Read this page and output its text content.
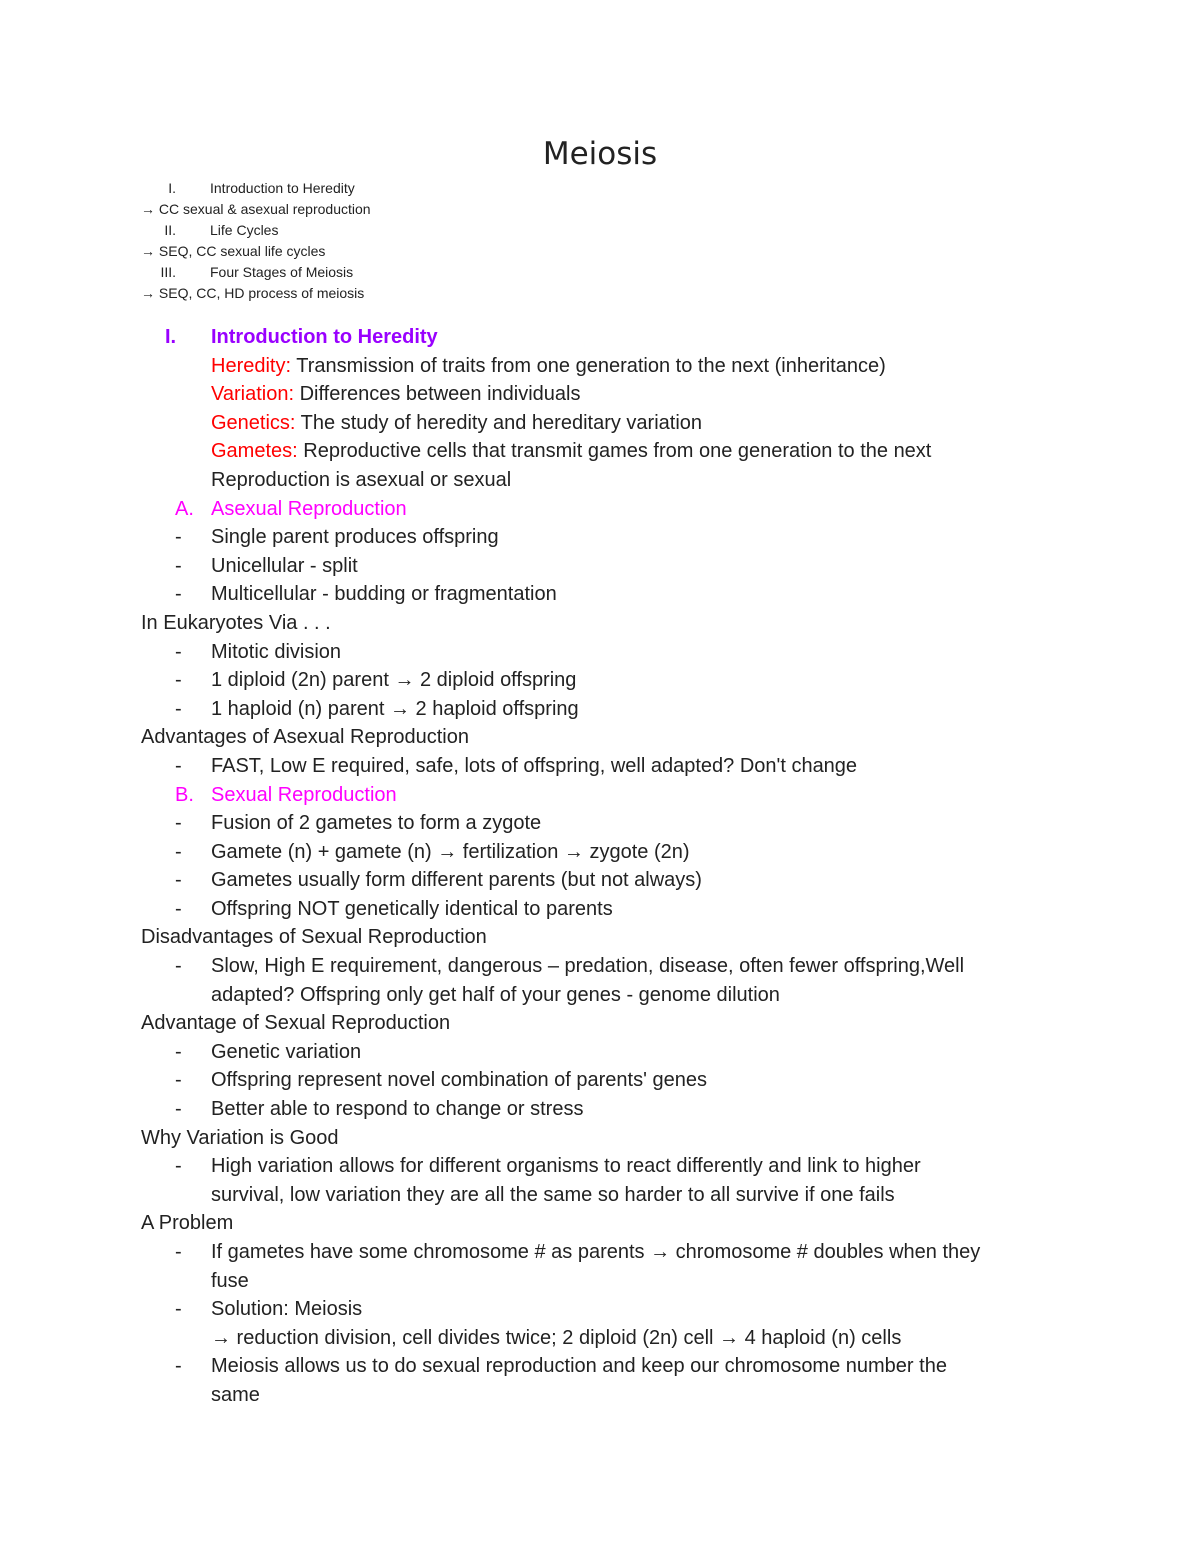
Meiosis
I. Introduction to Heredity
→ CC sexual & asexual reproduction
II. Life Cycles
→ SEQ, CC sexual life cycles
III. Four Stages of Meiosis
→ SEQ, CC, HD process of meiosis
I. Introduction to Heredity
Heredity: Transmission of traits from one generation to the next (inheritance)
Variation: Differences between individuals
Genetics: The study of heredity and hereditary variation
Gametes: Reproductive cells that transmit games from one generation to the next
Reproduction is asexual or sexual
A. Asexual Reproduction
- Single parent produces offspring
- Unicellular - split
- Multicellular - budding or fragmentation
In Eukaryotes Via . . .
- Mitotic division
- 1 diploid (2n) parent → 2 diploid offspring
- 1 haploid (n) parent → 2 haploid offspring
Advantages of Asexual Reproduction
- FAST, Low E required, safe, lots of offspring, well adapted? Don't change
B. Sexual Reproduction
- Fusion of 2 gametes to form a zygote
- Gamete (n) + gamete (n) → fertilization → zygote (2n)
- Gametes usually form different parents (but not always)
- Offspring NOT genetically identical to parents
Disadvantages of Sexual Reproduction
- Slow, High E requirement, dangerous – predation, disease, often fewer offspring,Well
adapted? Offspring only get half of your genes - genome dilution
Advantage of Sexual Reproduction
- Genetic variation
- Offspring represent novel combination of parents' genes
- Better able to respond to change or stress
Why Variation is Good
- High variation allows for different organisms to react differently and link to higher
survival, low variation they are all the same so harder to all survive if one fails
A Problem
- If gametes have some chromosome # as parents → chromosome # doubles when they
fuse
- Solution: Meiosis
→ reduction division, cell divides twice; 2 diploid (2n) cell → 4 haploid (n) cells
- Meiosis allows us to do sexual reproduction and keep our chromosome number the
same
